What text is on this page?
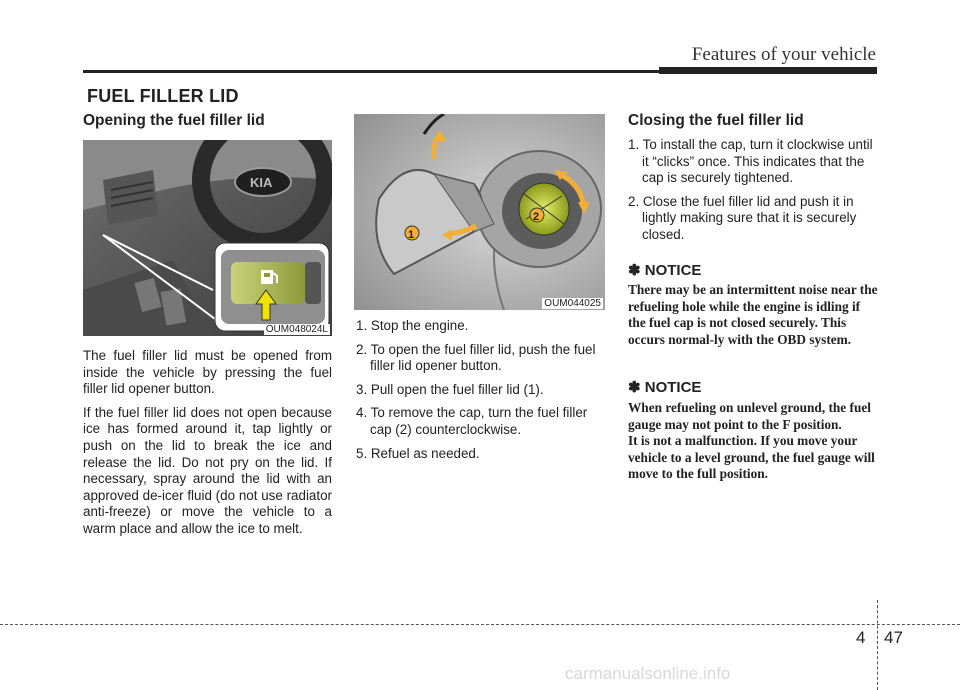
Features of your vehicle
FUEL FILLER LID
Opening the fuel filler lid
KIA
OUM048024L

The fuel filler lid must be opened from inside the vehicle by pressing the fuel filler lid opener button.

If the fuel filler lid does not open because ice has formed around it, tap lightly or push on the lid to break the ice and release the lid. Do not pry on the lid. If necessary, spray around the lid with an approved de-icer fluid (do not use radiator anti-freeze) or move the vehicle to a warm place and allow the ice to melt.

1
2
OUM044025
1. Stop the engine.
2. To open the fuel filler lid, push the fuel filler lid opener button.
3. Pull open the fuel filler lid (1).
4. To remove the cap, turn the fuel filler cap (2) counterclockwise.
5. Refuel as needed.
Closing the fuel filler lid
1. To install the cap, turn it clockwise until it “clicks” once. This indicates that the cap is securely tightened.
2. Close the fuel filler lid and push it in lightly making sure that it is securely closed.
✽ NOTICE

There may be an intermittent noise near the refueling hole while the engine is idling if the fuel cap is not closed securely. This occurs normal-ly with the OBD system.

✽ NOTICE

When refueling on unlevel ground, the fuel gauge may not point to the F position.

It is not a malfunction. If you move your vehicle to a level ground, the fuel gauge will move to the full position.

4 47
carmanualsonline.info
